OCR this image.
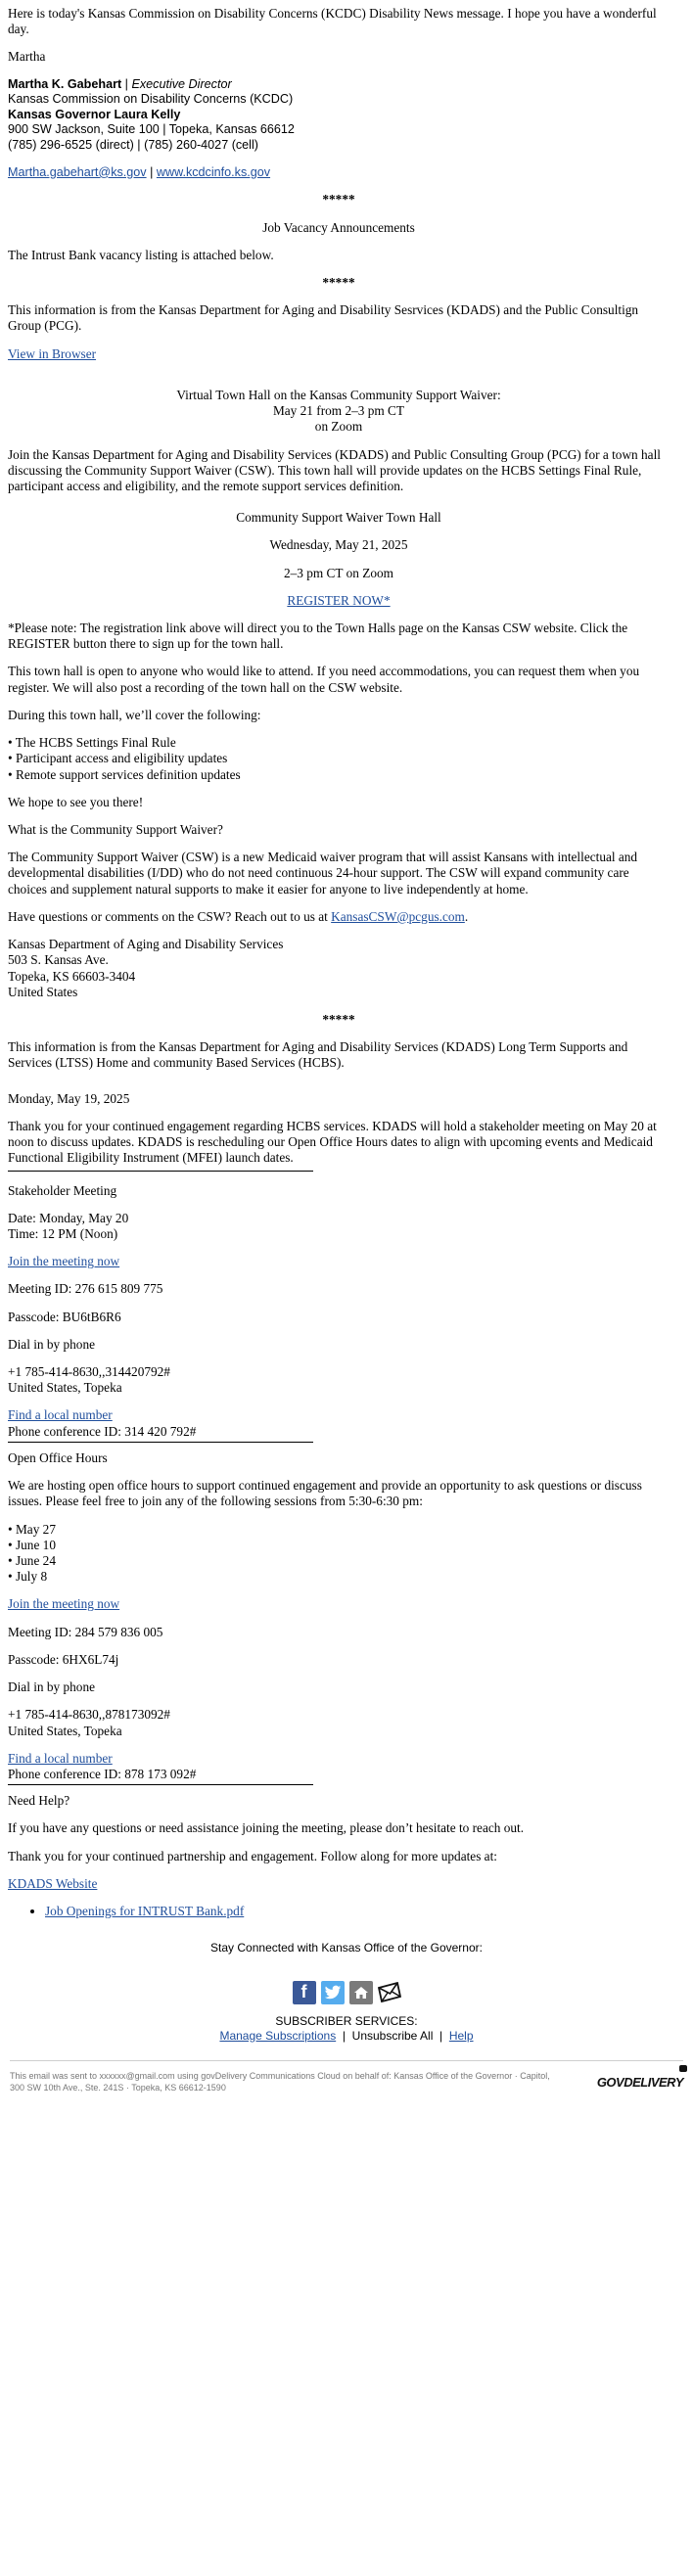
Here is today's Kansas Commission on Disability Concerns (KCDC) Disability News message. I hope you have a wonderful day.

Martha

Martha K. Gabehart | Executive Director
Kansas Commission on Disability Concerns (KCDC)
Kansas Governor Laura Kelly
900 SW Jackson, Suite 100 | Topeka, Kansas 66612
(785) 296-6525 (direct) | (785) 260-4027 (cell)
Martha.gabehart@ks.gov | www.kcdcinfo.ks.gov
*****

Job Vacancy Announcements

The Intrust Bank vacancy listing is attached below.

*****

This information is from the Kansas Department for Aging and Disability Sesrvices (KDADS) and the Public Consultign Group (PCG).

View in Browser

Virtual Town Hall on the Kansas Community Support Waiver:
May 21 from 2–3 pm CT
on Zoom

Join the Kansas Department for Aging and Disability Services (KDADS) and Public Consulting Group (PCG) for a town hall discussing the Community Support Waiver (CSW). This town hall will provide updates on the HCBS Settings Final Rule, participant access and eligibility, and the remote support services definition.

Community Support Waiver Town Hall

Wednesday, May 21, 2025

2–3 pm CT on Zoom

REGISTER NOW*

*Please note: The registration link above will direct you to the Town Halls page on the Kansas CSW website. Click the REGISTER button there to sign up for the town hall.

This town hall is open to anyone who would like to attend. If you need accommodations, you can request them when you register. We will also post a recording of the town hall on the CSW website.

During this town hall, we’ll cover the following:

• The HCBS Settings Final Rule
• Participant access and eligibility updates
• Remote support services definition updates

We hope to see you there!

What is the Community Support Waiver?

The Community Support Waiver (CSW) is a new Medicaid waiver program that will assist Kansans with intellectual and developmental disabilities (I/DD) who do not need continuous 24-hour support. The CSW will expand community care choices and supplement natural supports to make it easier for anyone to live independently at home.

Have questions or comments on the CSW? Reach out to us at KansasCSW@pcgus.com.

Kansas Department of Aging and Disability Services
503 S. Kansas Ave.
Topeka, KS 66603-3404
United States
*****

This information is from the Kansas Department for Aging and Disability Services (KDADS) Long Term Supports and Services (LTSS) Home and community Based Services (HCBS).

Monday, May 19, 2025

Thank you for your continued engagement regarding HCBS services. KDADS will hold a stakeholder meeting on May 20 at noon to discuss updates. KDADS is rescheduling our Open Office Hours dates to align with upcoming events and Medicaid Functional Eligibility Instrument (MFEI) launch dates.

Stakeholder Meeting

Date: Monday, May 20
Time: 12 PM (Noon)

Join the meeting now

Meeting ID: 276 615 809 775

Passcode: BU6tB6R6

Dial in by phone

+1 785-414-8630,,314420792#
United States, Topeka
Find a local number
Phone conference ID: 314 420 792#

Open Office Hours

We are hosting open office hours to support continued engagement and provide an opportunity to ask questions or discuss issues. Please feel free to join any of the following sessions from 5:30-6:30 pm:

• May 27
• June 10
• June 24
• July 8

Join the meeting now

Meeting ID: 284 579 836 005

Passcode: 6HX6L74j

Dial in by phone

+1 785-414-8630,,878173092#
United States, Topeka
Find a local number
Phone conference ID: 878 173 092#

Need Help?

If you have any questions or need assistance joining the meeting, please don’t hesitate to reach out.

Thank you for your continued partnership and engagement. Follow along for more updates at:

KDADS Website

• Job Openings for INTRUST Bank.pdf
Stay Connected with Kansas Office of the Governor:
f
SUBSCRIBER SERVICES:
Manage Subscriptions | Unsubscribe All | Help
This email was sent to xxxxxx@gmail.com using govDelivery Communications Cloud on behalf of: Kansas Office of the Governor · Capitol, 300 SW 10th Ave., Ste. 241S · Topeka, KS 66612-1590	GOVDELIVERY
